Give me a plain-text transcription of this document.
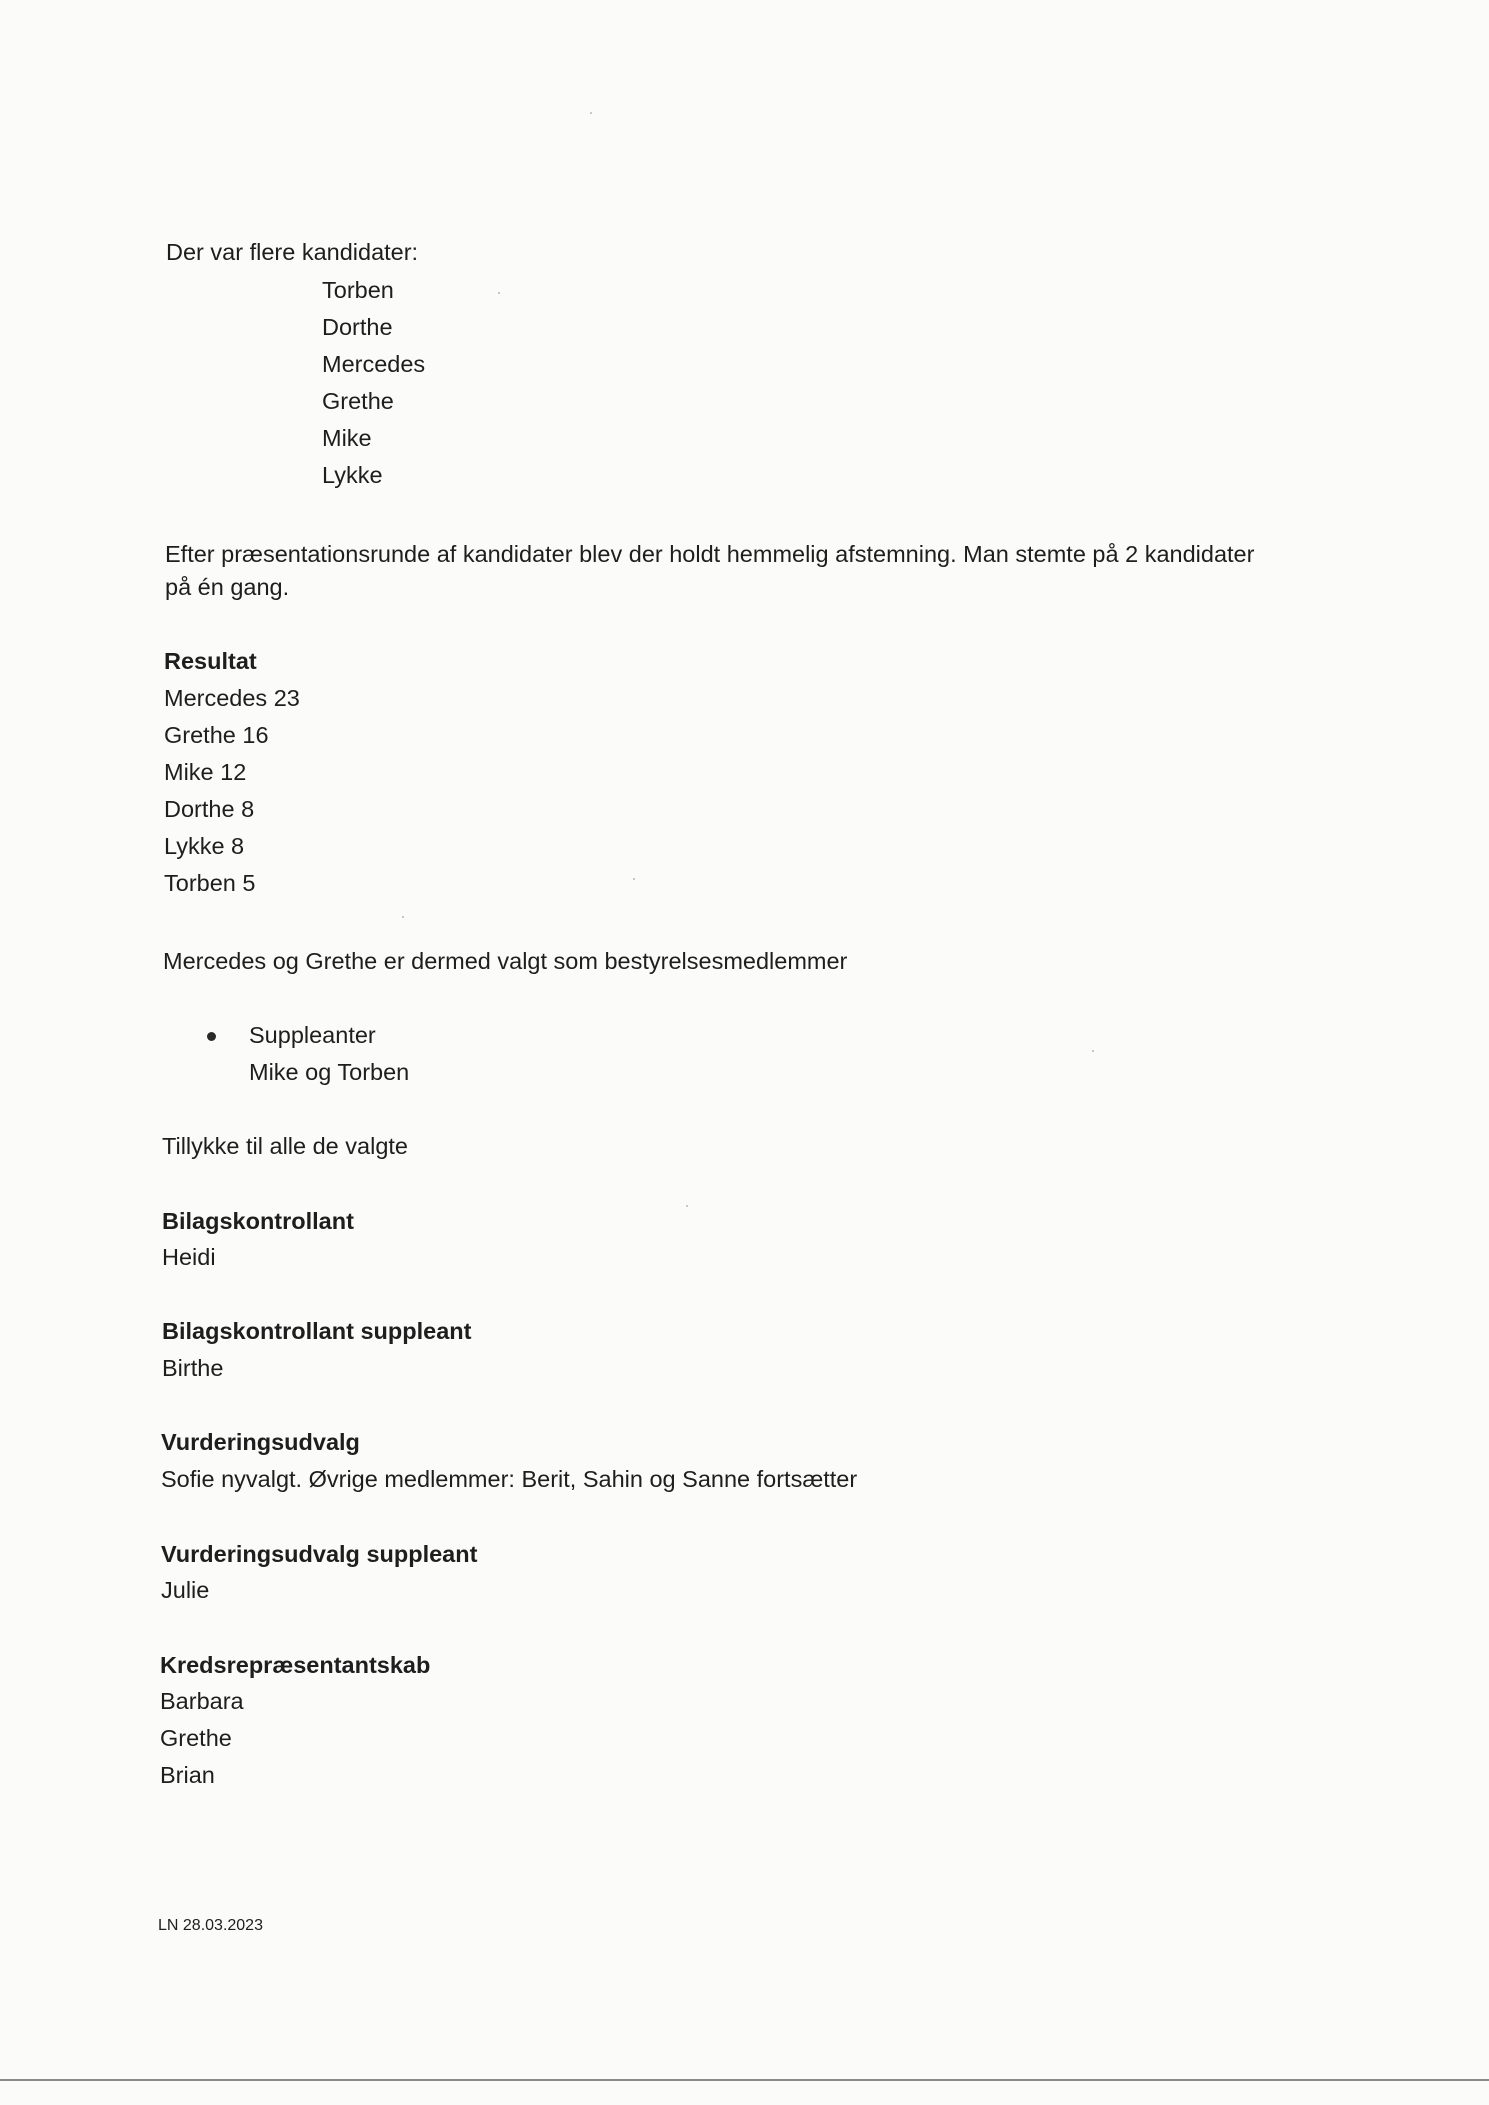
Der var flere kandidater:
Torben
Dorthe
Mercedes
Grethe
Mike
Lykke
Efter præsentationsrunde af kandidater blev der holdt hemmelig afstemning. Man stemte på 2 kandidater
på én gang.
Resultat
Mercedes 23
Grethe 16
Mike 12
Dorthe 8
Lykke 8
Torben 5
Mercedes og Grethe er dermed valgt som bestyrelsesmedlemmer
Suppleanter
Mike og Torben
Tillykke til alle de valgte
Bilagskontrollant
Heidi
Bilagskontrollant suppleant
Birthe
Vurderingsudvalg
Sofie nyvalgt. Øvrige medlemmer: Berit, Sahin og Sanne fortsætter
Vurderingsudvalg suppleant
Julie
Kredsrepræsentantskab
Barbara
Grethe
Brian
LN 28.03.2023
